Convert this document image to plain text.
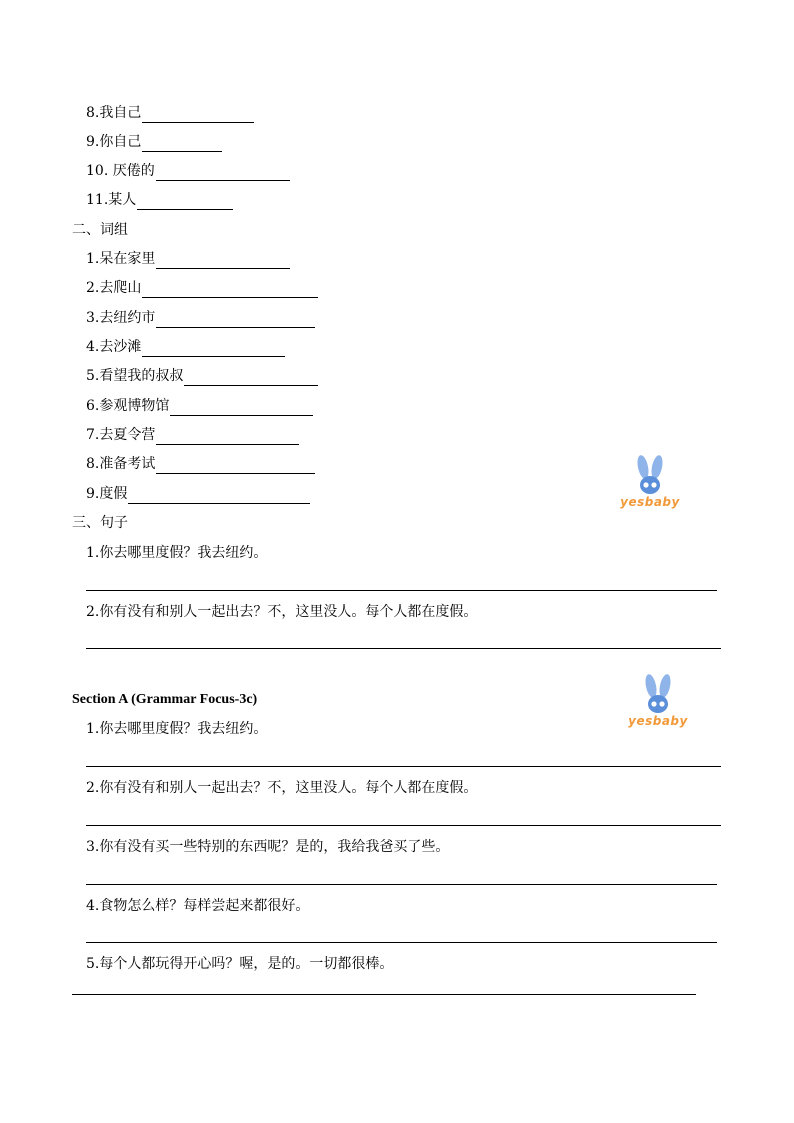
8.我自己
9.你自己
10. 厌倦的
11.某人
二、词组
1.呆在家里
2.去爬山
3.去纽约市
4.去沙滩
5.看望我的叔叔
6.参观博物馆
7.去夏令营
8.准备考试
9.度假	yesbaby
三、句子
1.你去哪里度假？我去纽约。
2.你有没有和别人一起出去？不，这里没人。每个人都在度假。
Section A (Grammar Focus-3c)
yesbaby
1.你去哪里度假？我去纽约。
2.你有没有和别人一起出去？不，这里没人。每个人都在度假。
3.你有没有买一些特别的东西呢？是的，我给我爸买了些。
4.食物怎么样？每样尝起来都很好。
5.每个人都玩得开心吗？喔，是的。一切都很棒。
